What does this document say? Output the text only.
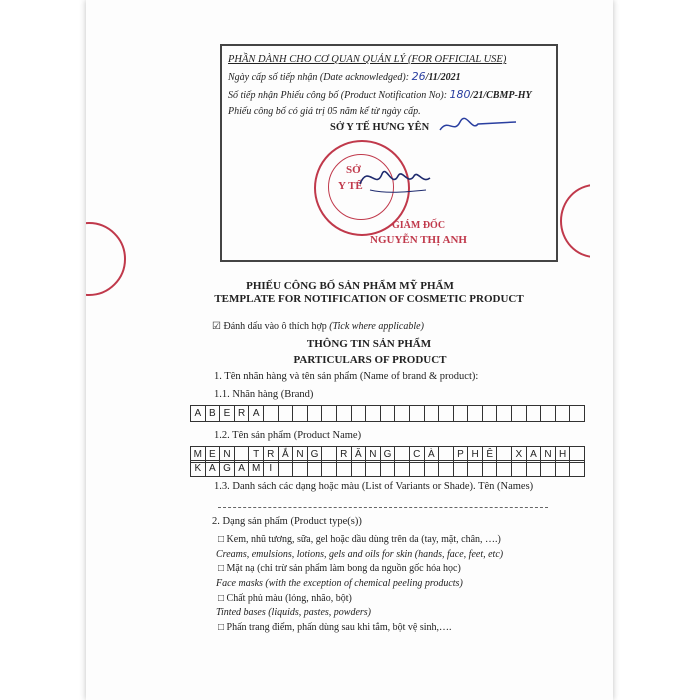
PHẦN DÀNH CHO CƠ QUAN QUẢN LÝ (FOR OFFICIAL USE)
Ngày cấp số tiếp nhận (Date acknowledged): 26/11/2021
Số tiếp nhận Phiếu công bố (Product Notification No): 180/21/CBMP-HY
Phiếu công bố có giá trị 05 năm kể từ ngày cấp.
SỞ Y TẾ HƯNG YÊN
SỞ
Y TẾ
GIÁM ĐỐC
NGUYỄN THỊ ANH
PHIẾU CÔNG BỐ SẢN PHẨM MỸ PHẨM
TEMPLATE FOR NOTIFICATION OF COSMETIC PRODUCT
☑ Đánh dấu vào ô thích hợp (Tick where applicable)
THÔNG TIN SẢN PHẨM
PARTICULARS OF PRODUCT
1. Tên nhãn hàng và tên sản phẩm (Name of brand & product):
1.1. Nhãn hàng (Brand)
A B E R A
1.2. Tên sản phẩm (Product Name)
M E N	T R Ắ N G	R Ă N G	C À	P H Ê	X A N H
K A G A M I
1.3. Danh sách các dạng hoặc màu (List of Variants or Shade). Tên (Names)
2. Dạng sản phẩm (Product type(s))
□ Kem, nhũ tương, sữa, gel hoặc dầu dùng trên da (tay, mặt, chân, ….)
Creams, emulsions, lotions, gels and oils for skin (hands, face, feet, etc)
□ Mặt nạ (chỉ trừ sản phẩm làm bong da nguồn gốc hóa học)
Face masks (with the exception of chemical peeling products)
□ Chất phủ màu (lỏng, nhão, bột)
Tinted bases (liquids, pastes, powders)
□ Phấn trang điểm, phấn dùng sau khi tắm, bột vệ sinh,….
